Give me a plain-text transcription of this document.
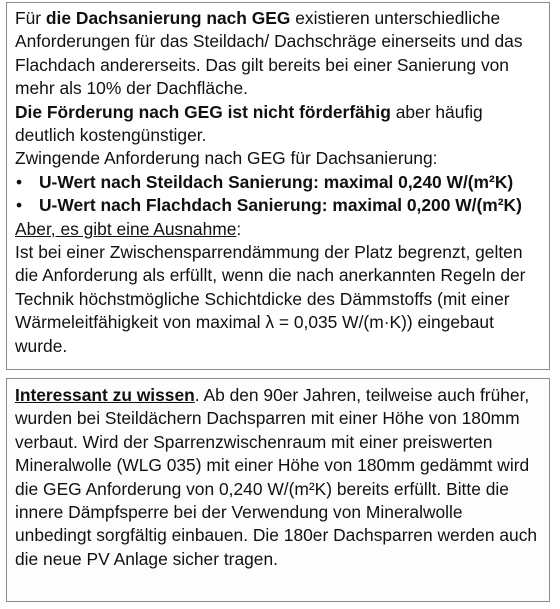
Für die Dachsanierung nach GEG existieren unterschiedliche Anforderungen für das Steildach/ Dachschräge einerseits und das Flachdach andererseits. Das gilt bereits bei einer Sanierung von mehr als 10% der Dachfläche.

Die Förderung nach GEG ist nicht förderfähig aber häufig deutlich kostengünstiger.

Zwingende Anforderung nach GEG für Dachsanierung:

• U-Wert nach Steildach Sanierung: maximal 0,240 W/(m²K)
• U-Wert nach Flachdach Sanierung: maximal 0,200 W/(m²K)

Aber, es gibt eine Ausnahme:

Ist bei einer Zwischensparrendämmung der Platz begrenzt, gelten die Anforderung als erfüllt, wenn die nach anerkannten Regeln der Technik höchstmögliche Schichtdicke des Dämmstoffs (mit einer Wärmeleitfähigkeit von maximal λ = 0,035 W/(m·K)) eingebaut wurde.

Interessant zu wissen. Ab den 90er Jahren, teilweise auch früher, wurden bei Steildächern Dachsparren mit einer Höhe von 180mm verbaut. Wird der Sparrenzwischenraum mit einer preiswerten Mineralwolle (WLG 035) mit einer Höhe von 180mm gedämmt wird die GEG Anforderung von 0,240 W/(m²K) bereits erfüllt. Bitte die innere Dämpfsperre bei der Verwendung von Mineralwolle unbedingt sorgfältig einbauen. Die 180er Dachsparren werden auch die neue PV Anlage sicher tragen.
